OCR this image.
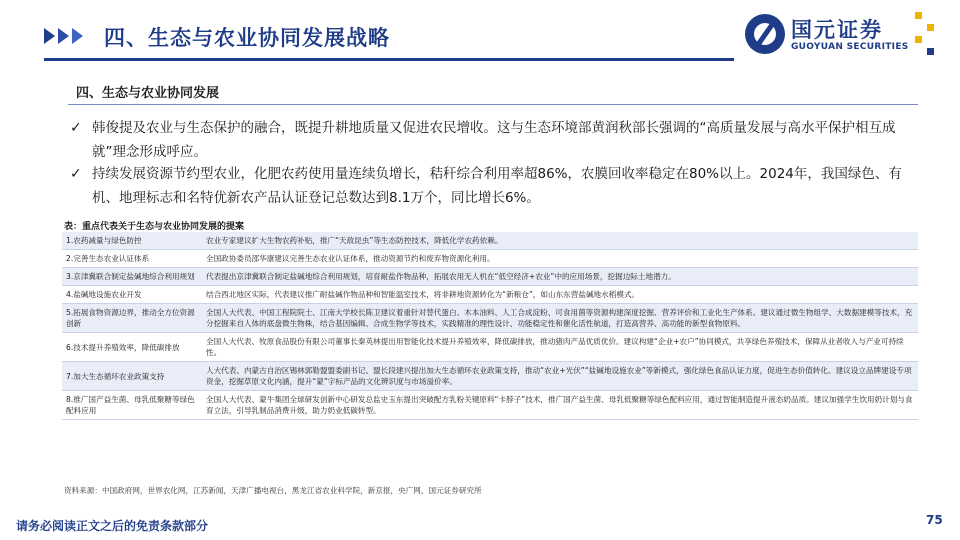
四、生态与农业协同发展战略	国元证券
GUOYUAN SECURITIES
四、生态与农业协同发展
✓ 韩俊提及农业与生态保护的融合，既提升耕地质量又促进农民增收。这与生态环境部黄润秋部长强调的“高质量发展与高水平保护相互成就”理念形成呼应。
✓ 持续发展资源节约型农业，化肥农药使用量连续负增长，秸秆综合利用率超86%，农膜回收率稳定在80%以上。2024年，我国绿色、有机、地理标志和名特优新农产品认证登记总数达到8.1万个，同比增长6%。
表：重点代表关于生态与农业协同发展的提案
1.农药减量与绿色防控	农业专家建议扩大生物农药补贴，推广“天敌昆虫”等生态防控技术，降低化学农药依赖。
2.完善生态农业认证体系	全国政协委员邵华康建议完善生态农业认证体系，推动资源节约和废弃物资源化利用。
3.京津冀联合制定盐碱地综合利用规划	代表提出京津冀联合制定盐碱地综合利用规划，培育耐盐作物品种，拓展农用无人机在“低空经济+农业”中的应用场景，挖掘边际土地潜力。
4.盐碱地设施农业开发	结合西北地区实际，代表建议推广耐盐碱作物品种和智能温室技术，将非耕地资源转化为“新粮仓”，如山东东营盐碱地水稻模式。
5.拓展食物资源边界，推动全方位资源创新	全国人大代表、中国工程院院士、江南大学校长陈卫建议着重针对替代蛋白、木本油料、人工合成淀粉、可食用菌等资源构建深度挖掘、营养评价和工业化生产体系。建议通过微生物组学、大数据建模等技术，充分挖掘来自人体的底盘微生物株，结合基因编辑、合成生物学等技术，实践精准的理性设计、功能稳定性和催化活性航道，打造高营养、高功能的新型食物原料。
6.技术提升养殖效率，降低碳排放	全国人大代表、牧原食品股份有限公司董事长秦英林提出用智能化技术提升养殖效率，降低碳排放，推动猪肉产品优质优价。建议构建“企业+农户”协同模式，共享绿色养殖技术，保障从业者收入与产业可持续性。
7.加大生态循环农业政策支持	人大代表、内蒙古自治区锡林郭勒盟盟委副书记、盟长段建兴提出加大生态循环农业政策支持，推动“农业+光伏”“盐碱地设施农业”等新模式，强化绿色食品认证力度，促进生态价值转化。建议设立品牌建设专项资金，挖掘草原文化内涵，提升“蒙”字标产品的文化辨识度与市场溢价率。
8.推广国产益生菌、母乳低聚糖等绿色配料应用	全国人大代表、蒙牛集团全球研发创新中心研发总监史玉东提出突破配方乳粉关键原料“卡脖子”技术，推广国产益生菌、母乳低聚糖等绿色配料应用，通过智能制造提升液态奶品质。建议加强学生饮用奶计划与食育立法，引导乳制品消费升级，助力奶业低碳转型。
资料来源：中国政府网，世界农化网，江苏新闻，天津广播电视台，黑龙江省农业科学院，新京报，央广网，国元证券研究所
请务必阅读正文之后的免责条款部分	75
